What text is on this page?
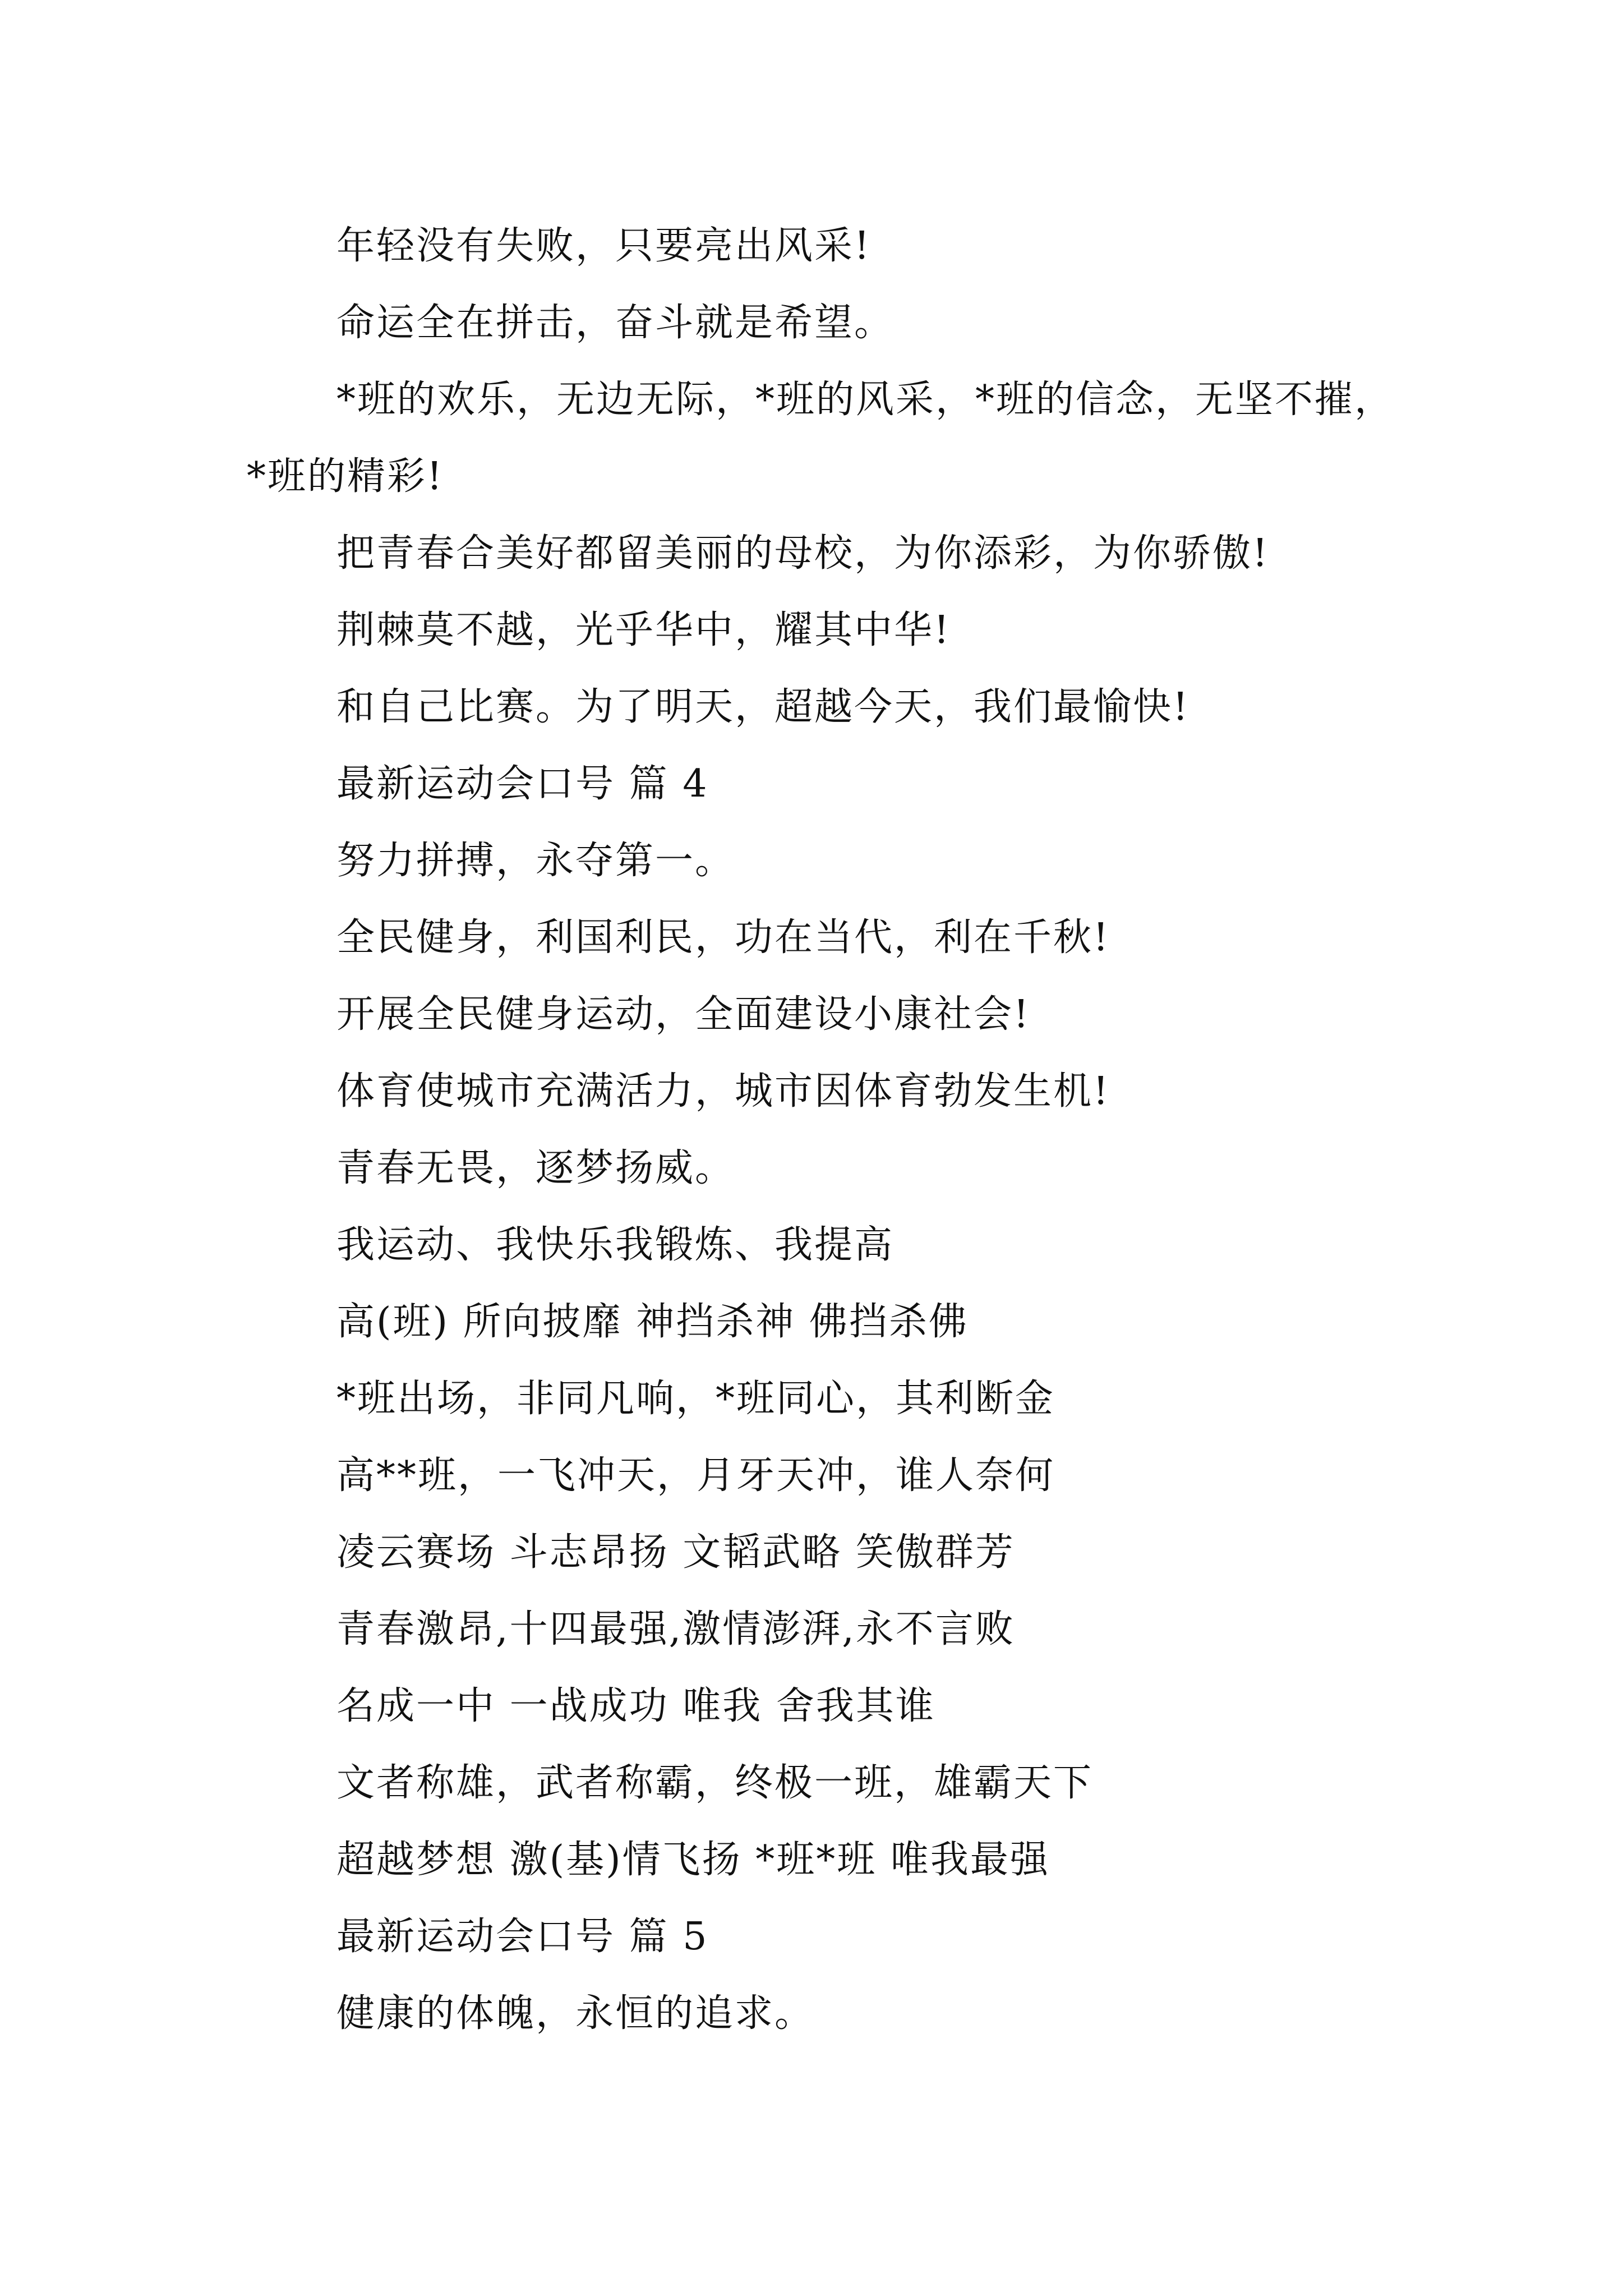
年轻没有失败，只要亮出风采!
命运全在拼击，奋斗就是希望。
*班的欢乐，无边无际，*班的风采，*班的信念，无坚不摧，*班的精彩!
把青春合美好都留美丽的母校，为你添彩，为你骄傲!
荆棘莫不越，光乎华中，耀其中华!
和自己比赛。为了明天，超越今天，我们最愉快!
最新运动会口号 篇 4
努力拼搏，永夺第一。
全民健身，利国利民，功在当代，利在千秋!
开展全民健身运动，全面建设小康社会!
体育使城市充满活力，城市因体育勃发生机!
青春无畏，逐梦扬威。
我运动、我快乐我锻炼、我提高
高(班) 所向披靡 神挡杀神 佛挡杀佛
*班出场，非同凡响，*班同心，其利断金
高**班，一飞冲天，月牙天冲，谁人奈何
凌云赛场 斗志昂扬 文韬武略 笑傲群芳
青春激昂,十四最强,激情澎湃,永不言败
名成一中 一战成功 唯我 舍我其谁
文者称雄，武者称霸，终极一班，雄霸天下
超越梦想 激(基)情飞扬 *班*班 唯我最强
最新运动会口号 篇 5
健康的体魄，永恒的追求。
